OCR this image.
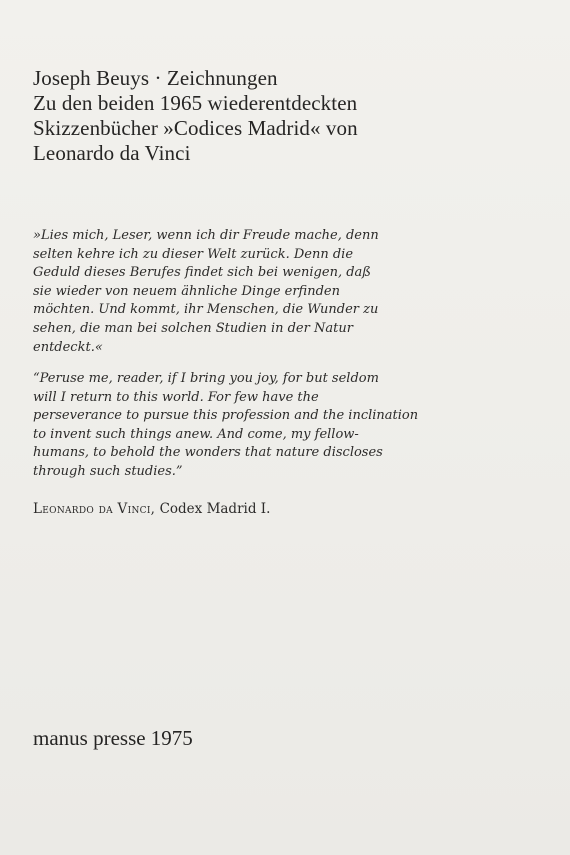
Joseph Beuys · Zeichnungen
Zu den beiden 1965 wiederentdeckten
Skizzenbücher »Codices Madrid« von
Leonardo da Vinci
»Lies mich, Leser, wenn ich dir Freude mache, denn
selten kehre ich zu dieser Welt zurück. Denn die
Geduld dieses Berufes findet sich bei wenigen, daß
sie wieder von neuem ähnliche Dinge erfinden
möchten. Und kommt, ihr Menschen, die Wunder zu
sehen, die man bei solchen Studien in der Natur
entdeckt.«
“Peruse me, reader, if I bring you joy, for but seldom
will I return to this world. For few have the
perseverance to pursue this profession and the inclination
to invent such things anew. And come, my fellow-
humans, to behold the wonders that nature discloses
through such studies.”
Leonardo da Vinci, Codex Madrid I.
manus presse 1975
